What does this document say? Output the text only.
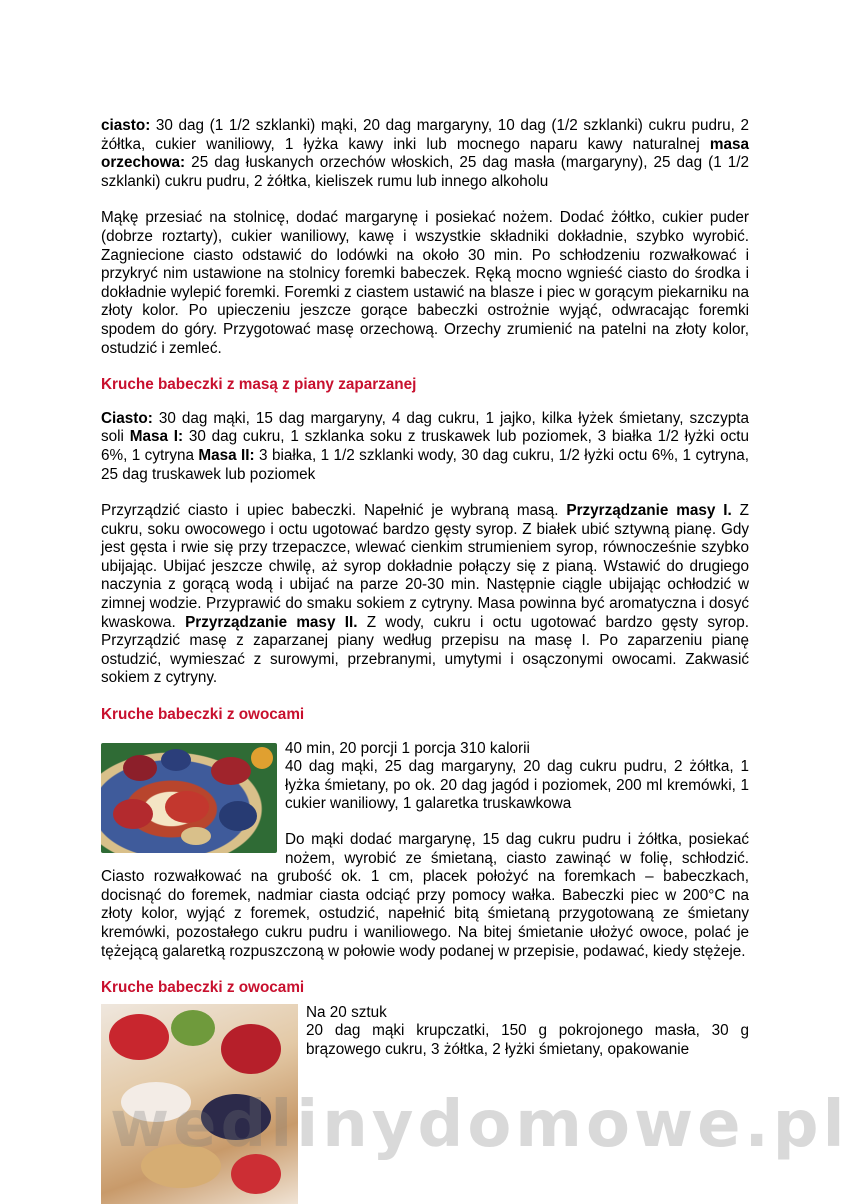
ciasto: 30 dag (1 1/2 szklanki) mąki, 20 dag margaryny, 10 dag (1/2 szklanki) cukru pudru, 2 żółtka, cukier waniliowy, 1 łyżka kawy inki lub mocnego naparu kawy naturalnej masa orzechowa: 25 dag łuskanych orzechów włoskich, 25 dag masła (margaryny), 25 dag (1 1/2 szklanki) cukru pudru, 2 żółtka, kieliszek rumu lub innego alkoholu

Mąkę przesiać na stolnicę, dodać margarynę i posiekać nożem. Dodać żółtko, cukier puder (dobrze roztarty), cukier waniliowy, kawę i wszystkie składniki dokładnie, szybko wyrobić. Zagniecione ciasto odstawić do lodówki na około 30 min. Po schłodzeniu rozwałkować i przykryć nim ustawione na stolnicy foremki babeczek. Ręką mocno wgnieść ciasto do środka i dokładnie wylepić foremki. Foremki z ciastem ustawić na blasze i piec w gorącym piekarniku na złoty kolor. Po upieczeniu jeszcze gorące babeczki ostrożnie wyjąć, odwracając foremki spodem do góry. Przygotować masę orzechową. Orzechy zrumienić na patelni na złoty kolor, ostudzić i zemleć.

Kruche babeczki z masą z piany zaparzanej

Ciasto: 30 dag mąki, 15 dag margaryny, 4 dag cukru, 1 jajko, kilka łyżek śmietany, szczypta soli Masa I: 30 dag cukru, 1 szklanka soku z truskawek lub poziomek, 3 białka 1/2 łyżki octu 6%, 1 cytryna Masa II: 3 białka, 1 1/2 szklanki wody, 30 dag cukru, 1/2 łyżki octu 6%, 1 cytryna, 25 dag truskawek lub poziomek

Przyrządzić ciasto i upiec babeczki. Napełnić je wybraną masą. Przyrządzanie masy I. Z cukru, soku owocowego i octu ugotować bardzo gęsty syrop. Z białek ubić sztywną pianę. Gdy jest gęsta i rwie się przy trzepaczce, wlewać cienkim strumieniem syrop, równocześnie szybko ubijając. Ubijać jeszcze chwilę, aż syrop dokładnie połączy się z pianą. Wstawić do drugiego naczynia z gorącą wodą i ubijać na parze 20-30 min. Następnie ciągle ubijając ochłodzić w zimnej wodzie. Przyprawić do smaku sokiem z cytryny. Masa powinna być aromatyczna i dosyć kwaskowa. Przyrządzanie masy II. Z wody, cukru i octu ugotować bardzo gęsty syrop. Przyrządzić masę z zaparzanej piany według przepisu na masę I. Po zaparzeniu pianę ostudzić, wymieszać z surowymi, przebranymi, umytymi i osączonymi owocami. Zakwasić sokiem z cytryny.

Kruche babeczki z owocami

40 min, 20 porcji 1 porcja 310 kalorii

40 dag mąki, 25 dag margaryny, 20 dag cukru pudru, 2 żółtka, 1 łyżka śmietany, po ok. 20 dag jagód i poziomek, 200 ml kremówki, 1 cukier waniliowy, 1 galaretka truskawkowa

Do mąki dodać margarynę, 15 dag cukru pudru i żółtka, posiekać nożem, wyrobić ze śmietaną, ciasto zawinąć w folię, schłodzić. Ciasto rozwałkować na grubość ok. 1 cm, placek położyć na foremkach – babeczkach, docisnąć do foremek, nadmiar ciasta odciąć przy pomocy wałka. Babeczki piec w 200°C na złoty kolor, wyjąć z foremek, ostudzić, napełnić bitą śmietaną przygotowaną ze śmietany kremówki, pozostałego cukru pudru i waniliowego. Na bitej śmietanie ułożyć owoce, polać je tężejącą galaretką rozpuszczoną w połowie wody podanej w przepisie, podawać, kiedy stężeje.

Kruche babeczki z owocami

Na 20 sztuk

20 dag mąki krupczatki, 150 g pokrojonego masła, 30 g brązowego cukru, 3 żółtka, 2 łyżki śmietany, opakowanie

wedlinydomowe.pl
